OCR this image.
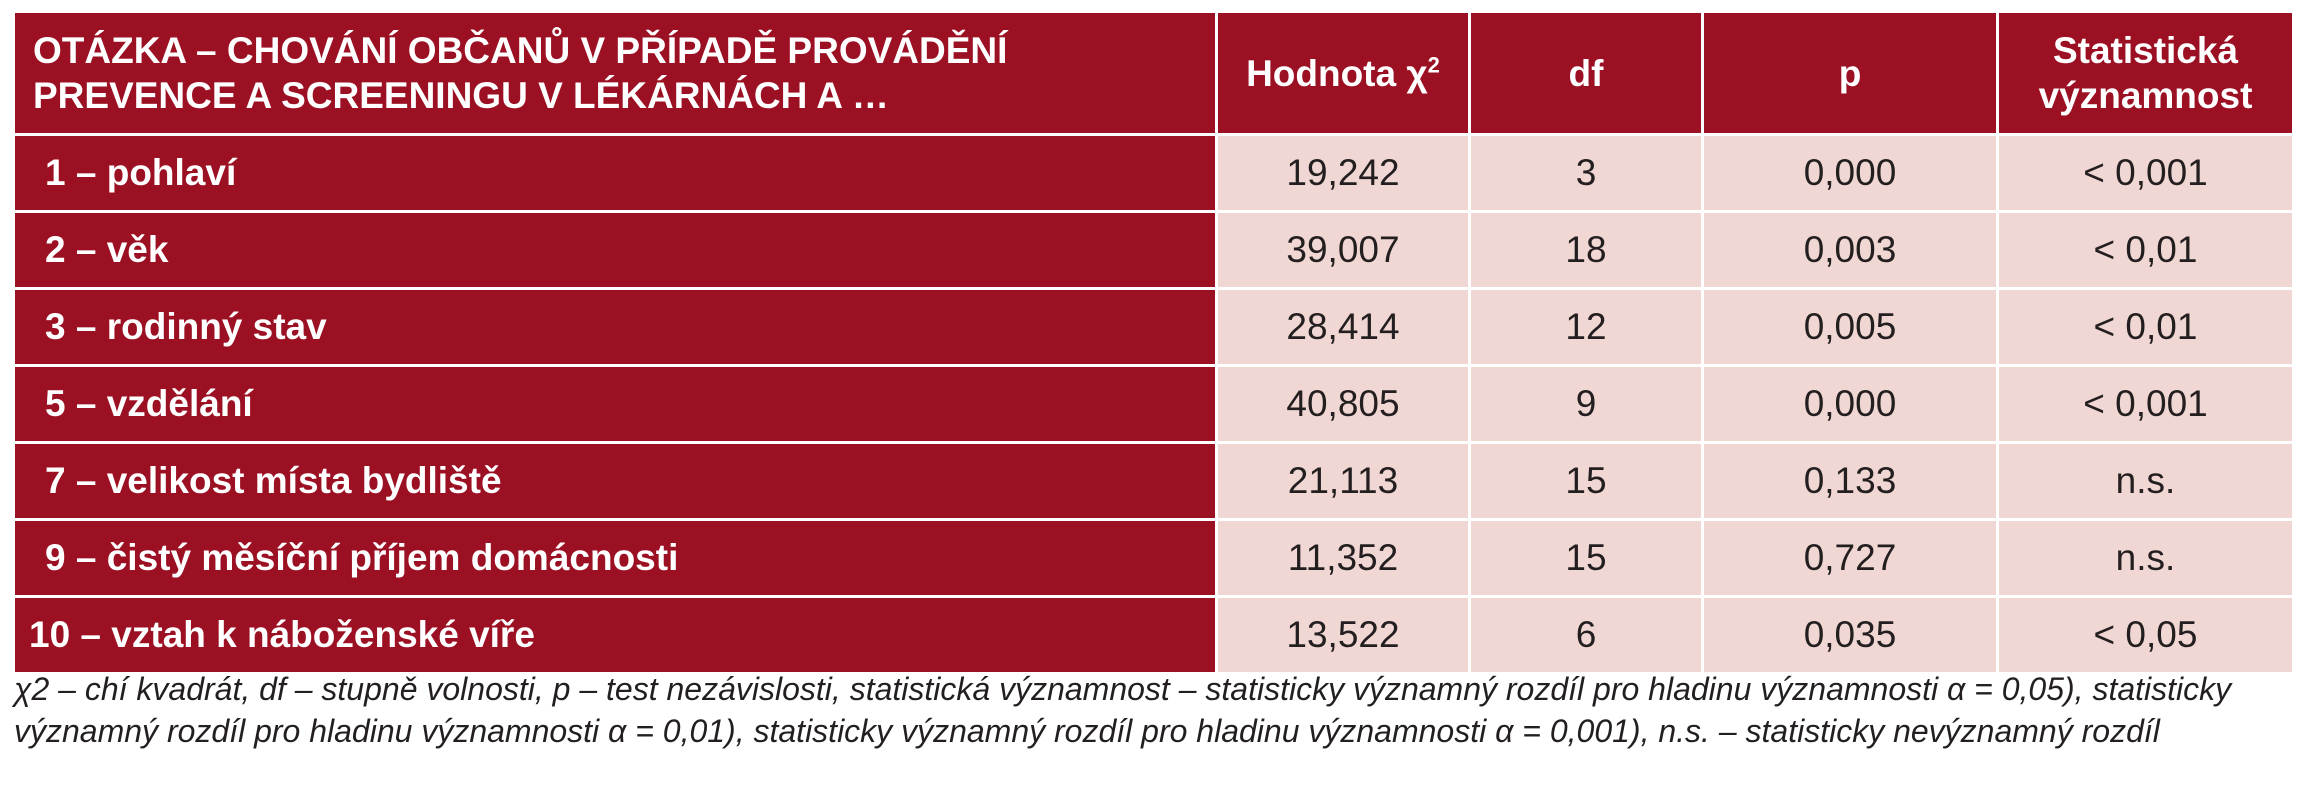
OTÁZKA – CHOVÁNÍ OBČANŮ V PŘÍPADĚ PROVÁDĚNÍ PREVENCE A SCREENINGU V LÉKÁRNÁCH A …	Hodnota $\chi^2$	df	p	Statistická
významnost
1 – pohlaví	19,242	3	0,000	< 0,001
2 – věk	39,007	18	0,003	< 0,01
3 – rodinný stav	28,414	12	0,005	< 0,01
5 – vzdělání	40,805	9	0,000	< 0,001
7 – velikost místa bydliště	21,113	15	0,133	n.s.
9 – čistý měsíční příjem domácnosti	11,352	15	0,727	n.s.
10 – vztah k náboženské víře	13,522	6	0,035	< 0,05
χ2 – chí kvadrát, df – stupně volnosti, p – test nezávislosti, statistická významnost – statisticky významný rozdíl pro hladinu významnosti α = 0,05), statisticky významný rozdíl pro hladinu významnosti α = 0,01), statisticky významný rozdíl pro hladinu významnosti α = 0,001), n.s. – statisticky nevýznamný rozdíl
